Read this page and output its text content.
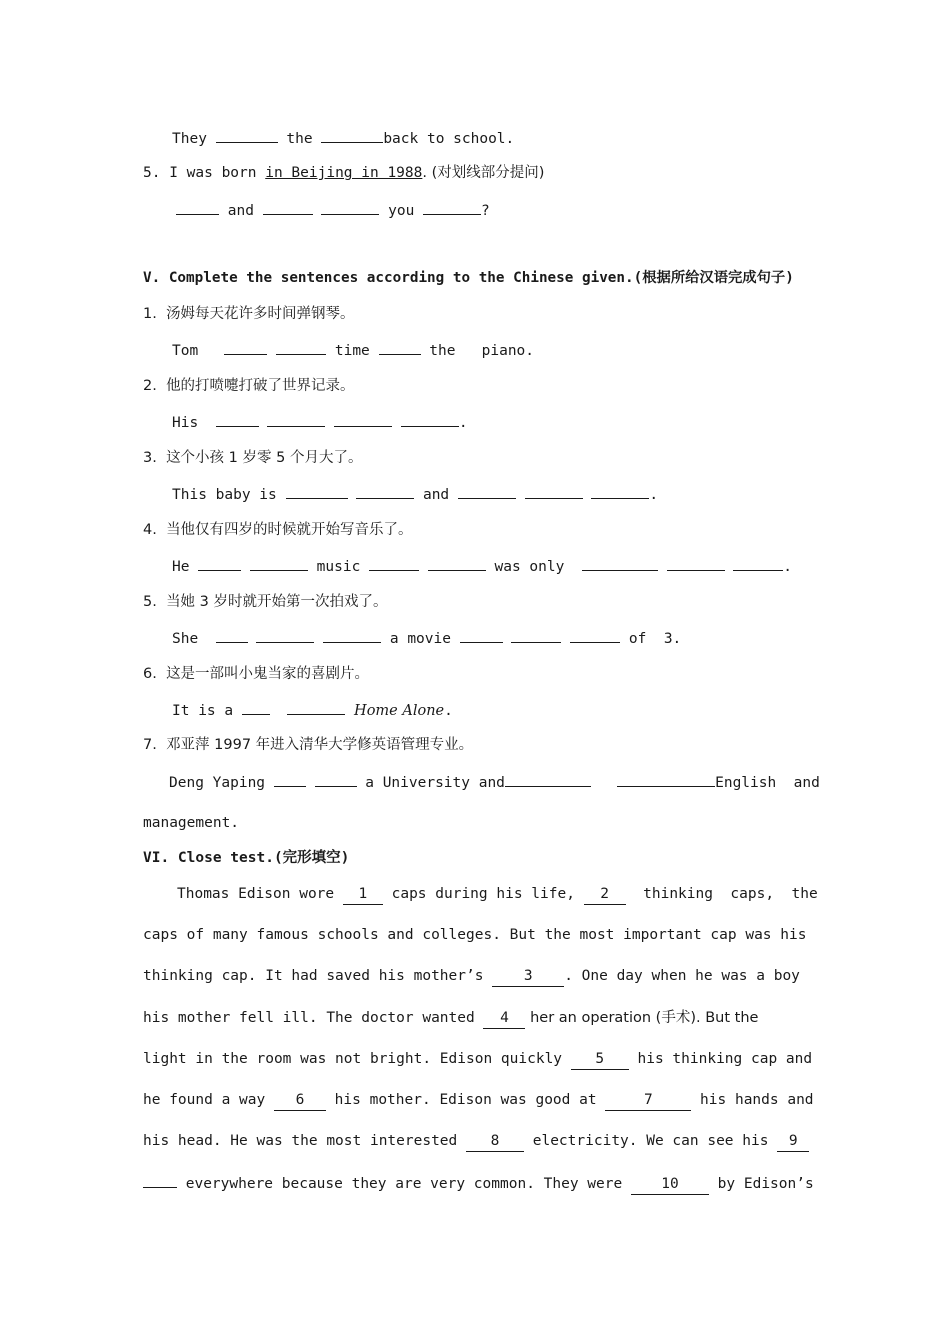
They	the	back to school.
5. I was born in Beijing in 1988. (对划线部分提问)
and	you	?
V. Complete the sentences according to the Chinese given.(根据所给汉语完成句子)
1. 汤姆每天花许多时间弹钢琴。
Tom	time	the   piano.
2. 他的打喷嚏打破了世界记录。
His	.
3. 这个小孩 1 岁零 5 个月大了。
This baby is	and	.
4. 当他仅有四岁的时候就开始写音乐了。
He	music	was only	.
5. 当她 3 岁时就开始第一次拍戏了。
She	a movie	of  3.
6. 这是一部叫小鬼当家的喜剧片。
It is a	Home Alone.
7. 邓亚萍 1997 年进入清华大学修英语管理专业。
Deng Yaping	a University and	English  and
management.
VI. Close test.(完形填空)
Thomas Edison wore 1 caps during his life, 2  thinking  caps,  the
caps of many famous schools and colleges. But the most important cap was his
thinking cap. It had saved his mother’s 3 . One day when he was a boy
his mother fell ill. The doctor wanted 4 her an operation (手术). But the
light in the room was not bright. Edison quickly 5 his thinking cap and
he found a way 6 his mother. Edison was good at	7	his hands and
his head. He was the most interested 8 electricity. We can see his 9
everywhere because they are very common. They were 10 by Edison’s
